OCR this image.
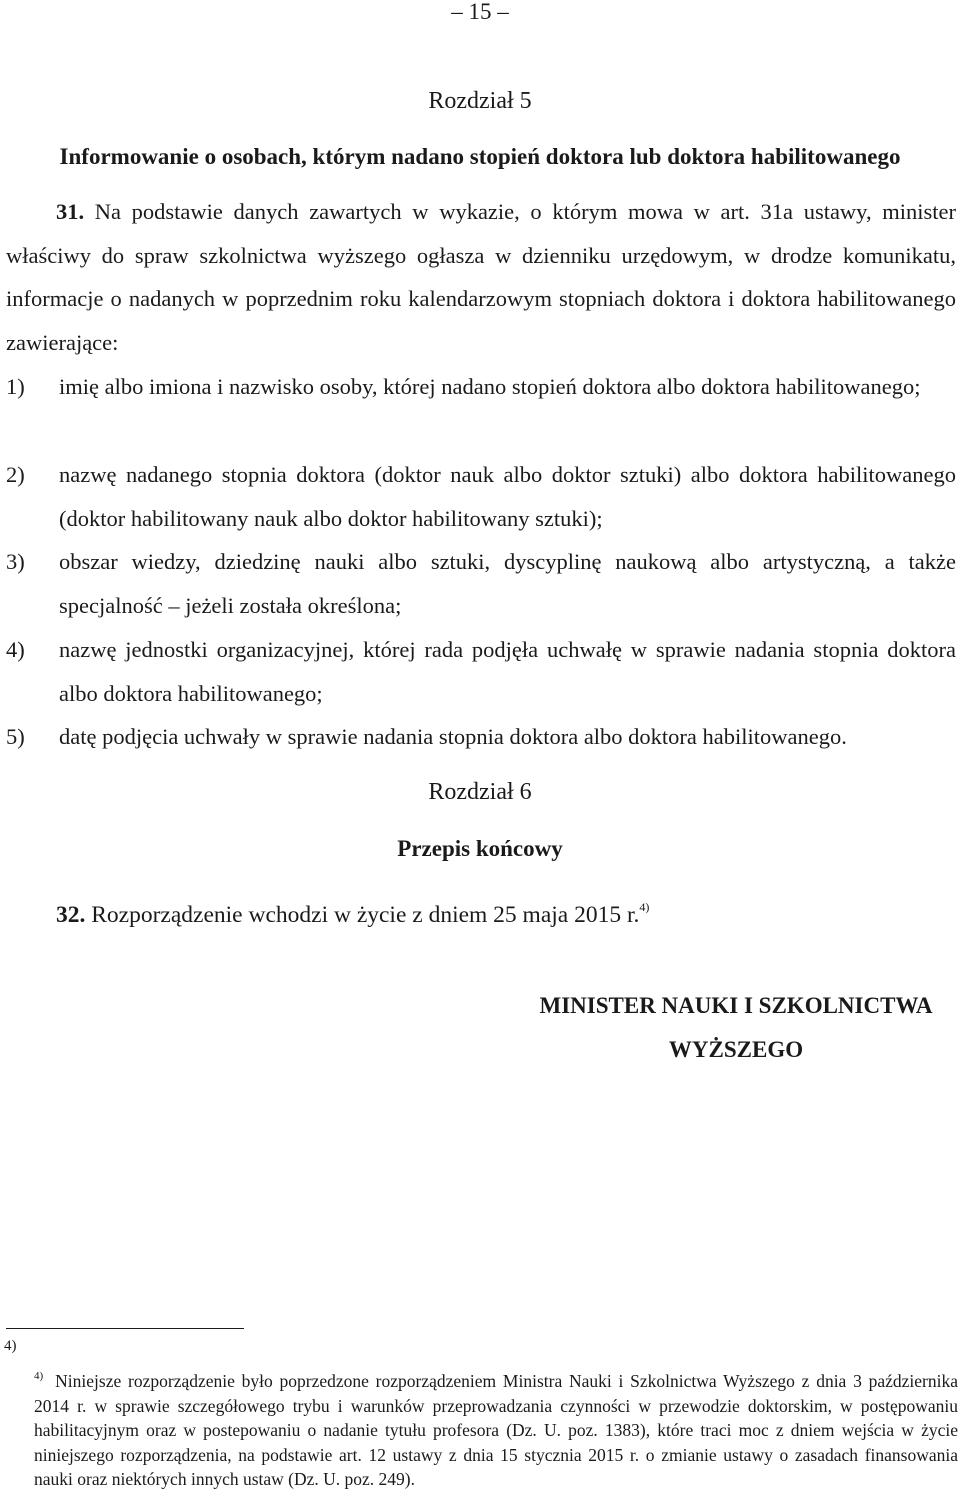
– 15 –
Rozdział 5
Informowanie o osobach, którym nadano stopień doktora lub doktora habilitowanego

31. Na podstawie danych zawartych w wykazie, o którym mowa w art. 31a ustawy, minister właściwy do spraw szkolnictwa wyższego ogłasza w dzienniku urzędowym, w drodze komunikatu, informacje o nadanych w poprzednim roku kalendarzowym stopniach doktora i doktora habilitowanego zawierające:

1) imię albo imiona i nazwisko osoby, której nadano stopień doktora albo doktora habilitowanego;
2) nazwę nadanego stopnia doktora (doktor nauk albo doktor sztuki) albo doktora habilitowanego (doktor habilitowany nauk albo doktor habilitowany sztuki);
3) obszar wiedzy, dziedzinę nauki albo sztuki, dyscyplinę naukową albo artystyczną, a także specjalność – jeżeli została określona;
4) nazwę jednostki organizacyjnej, której rada podjęła uchwałę w sprawie nadania stopnia doktora albo doktora habilitowanego;
5) datę podjęcia uchwały w sprawie nadania stopnia doktora albo doktora habilitowanego.
Rozdział 6
Przepis końcowy
32. Rozporządzenie wchodzi w życie z dniem 25 maja 2015 r.$^{4)}$
MINISTER NAUKI I SZKOLNICTWA
WYŻSZEGO
4)

$^{4)}$ Niniejsze rozporządzenie było poprzedzone rozporządzeniem Ministra Nauki i Szkolnictwa Wyższego z dnia 3 października 2014 r. w sprawie szczegółowego trybu i warunków przeprowadzania czynności w przewodzie doktorskim, w postępowaniu habilitacyjnym oraz w postepowaniu o nadanie tytułu profesora (Dz. U. poz. 1383), które traci moc z dniem wejścia w życie niniejszego rozporządzenia, na podstawie art. 12 ustawy z dnia 15 stycznia 2015 r. o zmianie ustawy o zasadach finansowania nauki oraz niektórych innych ustaw (Dz. U. poz. 249).
